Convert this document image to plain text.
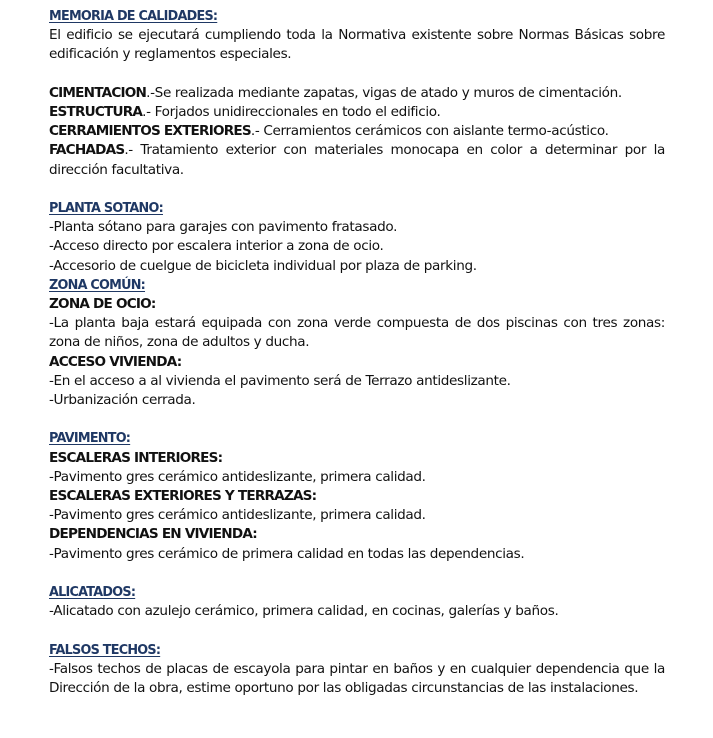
MEMORIA DE CALIDADES:

El edificio se ejecutará cumpliendo toda la Normativa existente sobre Normas Básicas sobre edificación y reglamentos especiales.

CIMENTACION.-Se realizada mediante zapatas, vigas de atado y muros de cimentación.

ESTRUCTURA.- Forjados unidireccionales en todo el edificio.

CERRAMIENTOS EXTERIORES.- Cerramientos cerámicos con aislante termo-acústico.

FACHADAS.- Tratamiento exterior con materiales monocapa en color a determinar por la dirección facultativa.

PLANTA SOTANO:

-Planta sótano para garajes con pavimento fratasado.

-Acceso directo por escalera interior a zona de ocio.

-Accesorio de cuelgue de bicicleta individual por plaza de parking.

ZONA COMÚN:

ZONA DE OCIO:

-La planta baja estará equipada con zona verde compuesta de dos piscinas con tres zonas: zona de niños, zona de adultos y ducha.

ACCESO VIVIENDA:

-En el acceso a al vivienda el pavimento será de Terrazo antideslizante.

-Urbanización cerrada.

PAVIMENTO:

ESCALERAS INTERIORES:

-Pavimento gres cerámico antideslizante, primera calidad.

ESCALERAS EXTERIORES Y TERRAZAS:

-Pavimento gres cerámico antideslizante, primera calidad.

DEPENDENCIAS EN VIVIENDA:

-Pavimento gres cerámico de primera calidad en todas las dependencias.

ALICATADOS:

-Alicatado con azulejo cerámico, primera calidad, en cocinas, galerías y baños.

FALSOS TECHOS:

-Falsos techos de placas de escayola para pintar en baños y en cualquier dependencia que la Dirección de la obra, estime oportuno por las obligadas circunstancias de las instalaciones.
